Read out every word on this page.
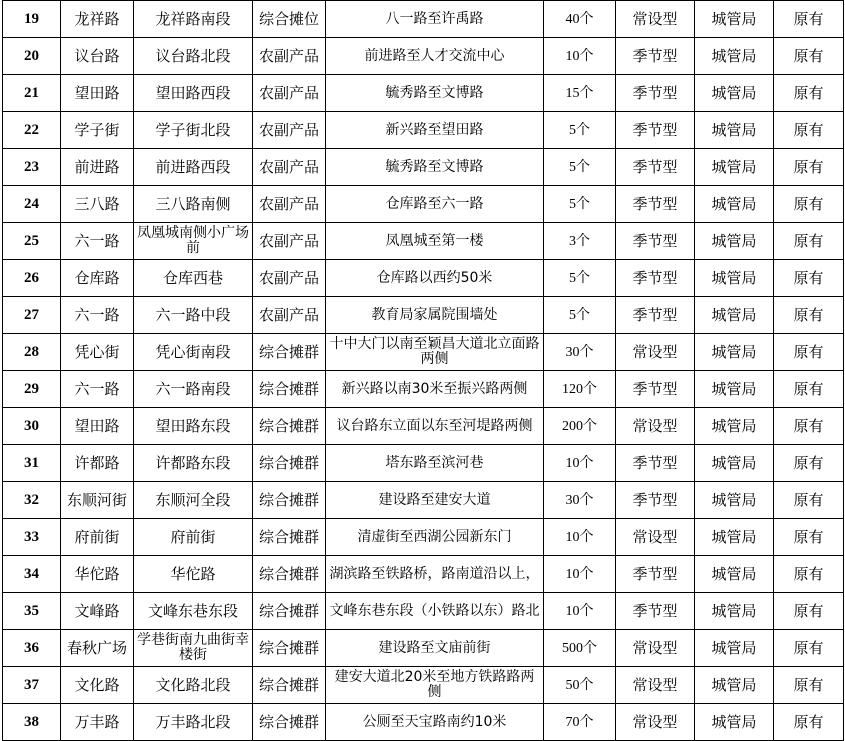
19	龙祥路	龙祥路南段	综合摊位	八一路至许禹路	40个	常设型	城管局	原有
20	议台路	议台路北段	农副产品	前进路至人才交流中心	10个	季节型	城管局	原有
21	望田路	望田路西段	农副产品	毓秀路至文博路	15个	季节型	城管局	原有
22	学子街	学子街北段	农副产品	新兴路至望田路	5个	季节型	城管局	原有
23	前进路	前进路西段	农副产品	毓秀路至文博路	5个	季节型	城管局	原有
24	三八路	三八路南侧	农副产品	仓库路至六一路	5个	季节型	城管局	原有
25	六一路	凤凰城南侧小广场前	农副产品	凤凰城至第一楼	3个	季节型	城管局	原有
26	仓库路	仓库西巷	农副产品	仓库路以西约50米	5个	季节型	城管局	原有
27	六一路	六一路中段	农副产品	教育局家属院围墙处	5个	季节型	城管局	原有
28	凭心街	凭心街南段	综合摊群	十中大门以南至颖昌大道北立面路两侧	30个	常设型	城管局	原有
29	六一路	六一路南段	综合摊群	新兴路以南30米至振兴路两侧	120个	季节型	城管局	原有
30	望田路	望田路东段	综合摊群	议台路东立面以东至河堤路两侧	200个	常设型	城管局	原有
31	许都路	许都路东段	综合摊群	塔东路至滨河巷	10个	季节型	城管局	原有
32	东顺河街	东顺河全段	综合摊群	建设路至建安大道	30个	季节型	城管局	原有
33	府前街	府前街	综合摊群	清虚街至西湖公园新东门	10个	常设型	城管局	原有
34	华佗路	华佗路	综合摊群	湖滨路至铁路桥，路南道沿以上，	10个	季节型	城管局	原有
35	文峰路	文峰东巷东段	综合摊群	文峰东巷东段（小铁路以东）路北	10个	季节型	城管局	原有
36	春秋广场	学巷街南九曲街幸楼街	综合摊群	建设路至文庙前街	500个	常设型	城管局	原有
37	文化路	文化路北段	综合摊群	建安大道北20米至地方铁路路两侧	50个	常设型	城管局	原有
38	万丰路	万丰路北段	综合摊群	公厕至天宝路南约10米	70个	常设型	城管局	原有
